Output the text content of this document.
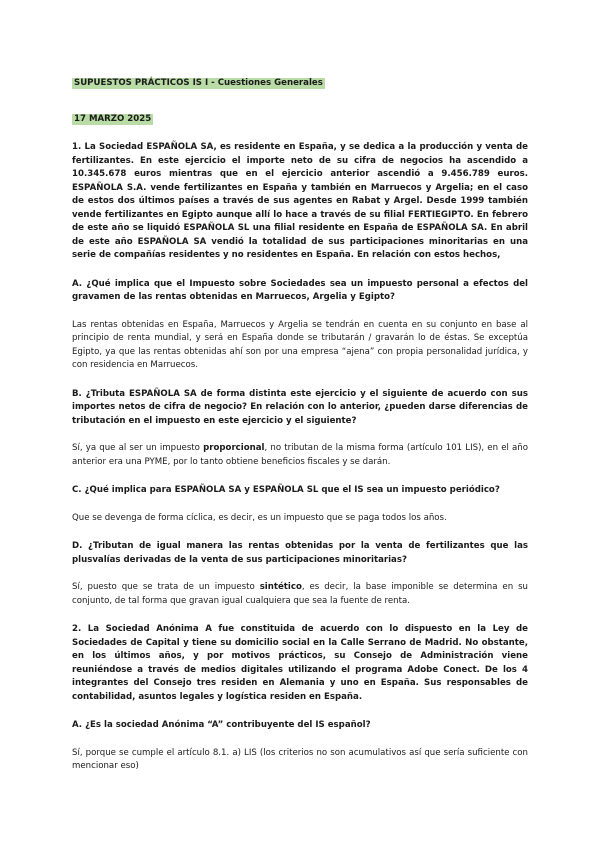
SUPUESTOS PRÁCTICOS IS I - Cuestiones Generales
17 MARZO 2025

1. La Sociedad ESPAÑOLA SA, es residente en España, y se dedica a la producción y venta de fertilizantes. En este ejercicio el importe neto de su cifra de negocios ha ascendido a 10.345.678 euros mientras que en el ejercicio anterior ascendió a 9.456.789 euros. ESPAÑOLA S.A. vende fertilizantes en España y también en Marruecos y Argelia; en el caso de estos dos últimos países a través de sus agentes en Rabat y Argel. Desde 1999 también vende fertilizantes en Egipto aunque allí lo hace a través de su filial FERTIEGIPTO. En febrero de este año se liquidó ESPAÑOLA SL una filial residente en España de ESPAÑOLA SA. En abril de este año ESPAÑOLA SA vendió la totalidad de sus participaciones minoritarias en una serie de compañías residentes y no residentes en España. En relación con estos hechos,

A. ¿Qué implica que el Impuesto sobre Sociedades sea un impuesto personal a efectos del gravamen de las rentas obtenidas en Marruecos, Argelia y Egipto?

Las rentas obtenidas en España, Marruecos y Argelia se tendrán en cuenta en su conjunto en base al principio de renta mundial, y será en España donde se tributarán / gravarán lo de éstas. Se exceptúa Egipto, ya que las rentas obtenidas ahí son por una empresa “ajena” con propia personalidad jurídica, y con residencia en Marruecos.

B. ¿Tributa ESPAÑOLA SA de forma distinta este ejercicio y el siguiente de acuerdo con sus importes netos de cifra de negocio? En relación con lo anterior, ¿pueden darse diferencias de tributación en el impuesto en este ejercicio y el siguiente?

Sí, ya que al ser un impuesto proporcional, no tributan de la misma forma (artículo 101 LIS), en el año anterior era una PYME, por lo tanto obtiene beneficios fiscales y se darán.

C. ¿Qué implica para ESPAÑOLA SA y ESPAÑOLA SL que el IS sea un impuesto periódico?

Que se devenga de forma cíclica, es decir, es un impuesto que se paga todos los años.

D. ¿Tributan de igual manera las rentas obtenidas por la venta de fertilizantes que las plusvalías derivadas de la venta de sus participaciones minoritarias?

Sí, puesto que se trata de un impuesto sintético, es decir, la base imponible se determina en su conjunto, de tal forma que gravan igual cualquiera que sea la fuente de renta.

2. La Sociedad Anónima A fue constituida de acuerdo con lo dispuesto en la Ley de Sociedades de Capital y tiene su domicilio social en la Calle Serrano de Madrid. No obstante, en los últimos años, y por motivos prácticos, su Consejo de Administración viene reuniéndose a través de medios digitales utilizando el programa Adobe Conect. De los 4 integrantes del Consejo tres residen en Alemania y uno en España. Sus responsables de contabilidad, asuntos legales y logística residen en España.

A. ¿Es la sociedad Anónima “A” contribuyente del IS español?

Sí, porque se cumple el artículo 8.1. a) LIS (los criterios no son acumulativos así que sería suficiente con mencionar eso)
